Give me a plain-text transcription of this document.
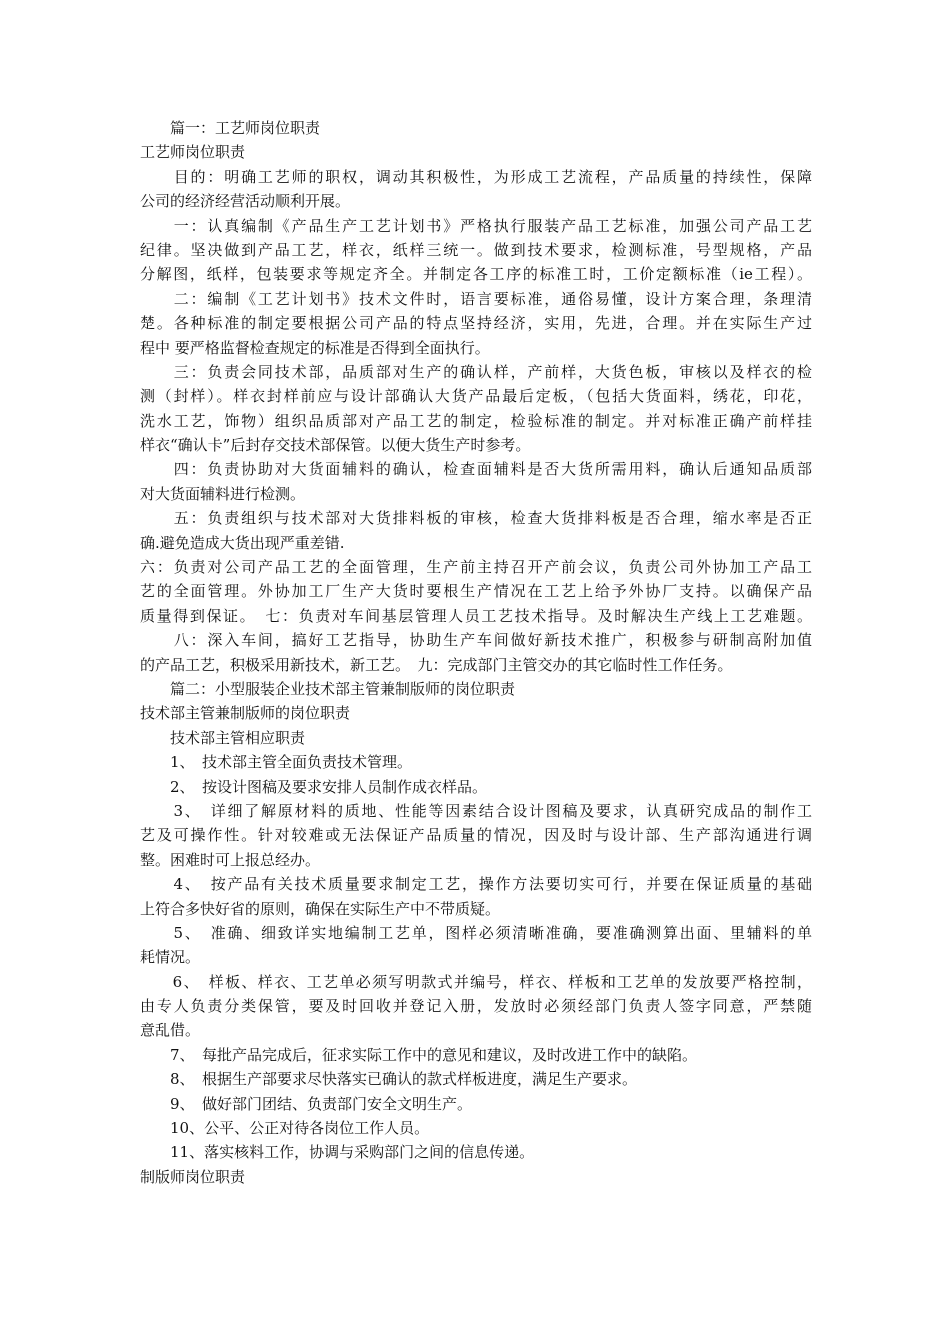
　　篇一：工艺师岗位职责
工艺师岗位职责
　　目的：明确工艺师的职权，调动其积极性，为形成工艺流程，产品质量的持续性，保障
公司的经济经营活动顺利开展。
　　一：认真编制《产品生产工艺计划书》严格执行服装产品工艺标准，加强公司产品工艺
纪律。坚决做到产品工艺，样衣，纸样三统一。做到技术要求，检测标准，号型规格，产品
分解图，纸样，包装要求等规定齐全。并制定各工序的标准工时，工价定额标准（ie工程）。
　　二：编制《工艺计划书》技术文件时，语言要标准，通俗易懂，设计方案合理，条理清
楚。各种标准的制定要根据公司产品的特点坚持经济，实用，先进，合理。并在实际生产过
程中 要严格监督检查规定的标准是否得到全面执行。
　　三：负责会同技术部，品质部对生产的确认样，产前样，大货色板，审核以及样衣的检
测（封样）。样衣封样前应与设计部确认大货产品最后定板，（包括大货面料，绣花，印花，
洗水工艺，饰物）组织品质部对产品工艺的制定，检验标准的制定。并对标准正确产前样挂
样衣“确认卡”后封存交技术部保管。以便大货生产时参考。
　　四：负责协助对大货面辅料的确认，检查面辅料是否大货所需用料，确认后通知品质部
对大货面辅料进行检测。
　　五：负责组织与技术部对大货排料板的审核，检查大货排料板是否合理，缩水率是否正
确.避免造成大货出现严重差错.
六：负责对公司产品工艺的全面管理，生产前主持召开产前会议，负责公司外协加工产品工
艺的全面管理。外协加工厂生产大货时要根生产情况在工艺上给予外协厂支持。以确保产品
质量得到保证。　七：负责对车间基层管理人员工艺技术指导。及时解决生产线上工艺难题。
　　八：深入车间，搞好工艺指导，协助生产车间做好新技术推广，积极参与研制高附加值
的产品工艺，积极采用新技术，新工艺。　九：完成部门主管交办的其它临时性工作任务。
　　篇二：小型服装企业技术部主管兼制版师的岗位职责
技术部主管兼制版师的岗位职责
　　技术部主管相应职责
　　1、　技术部主管全面负责技术管理。
　　2、　按设计图稿及要求安排人员制作成衣样品。
　　3、　详细了解原材料的质地、性能等因素结合设计图稿及要求，认真研究成品的制作工
艺及可操作性。针对较难或无法保证产品质量的情况，因及时与设计部、生产部沟通进行调
整。困难时可上报总经办。
　　4、　按产品有关技术质量要求制定工艺，操作方法要切实可行，并要在保证质量的基础
上符合多快好省的原则，确保在实际生产中不带质疑。
　　5、　准确、细致详实地编制工艺单，图样必须清晰准确，要准确测算出面、里辅料的单
耗情况。
　　6、　样板、样衣、工艺单必须写明款式并编号，样衣、样板和工艺单的发放要严格控制，
由专人负责分类保管，要及时回收并登记入册，发放时必须经部门负责人签字同意，严禁随
意乱借。
　　7、　每批产品完成后，征求实际工作中的意见和建议，及时改进工作中的缺陷。
　　8、　根据生产部要求尽快落实已确认的款式样板进度，满足生产要求。
　　9、　做好部门团结、负责部门安全文明生产。
　　10、公平、公正对待各岗位工作人员。
　　11、落实核料工作，协调与采购部门之间的信息传递。
制版师岗位职责
